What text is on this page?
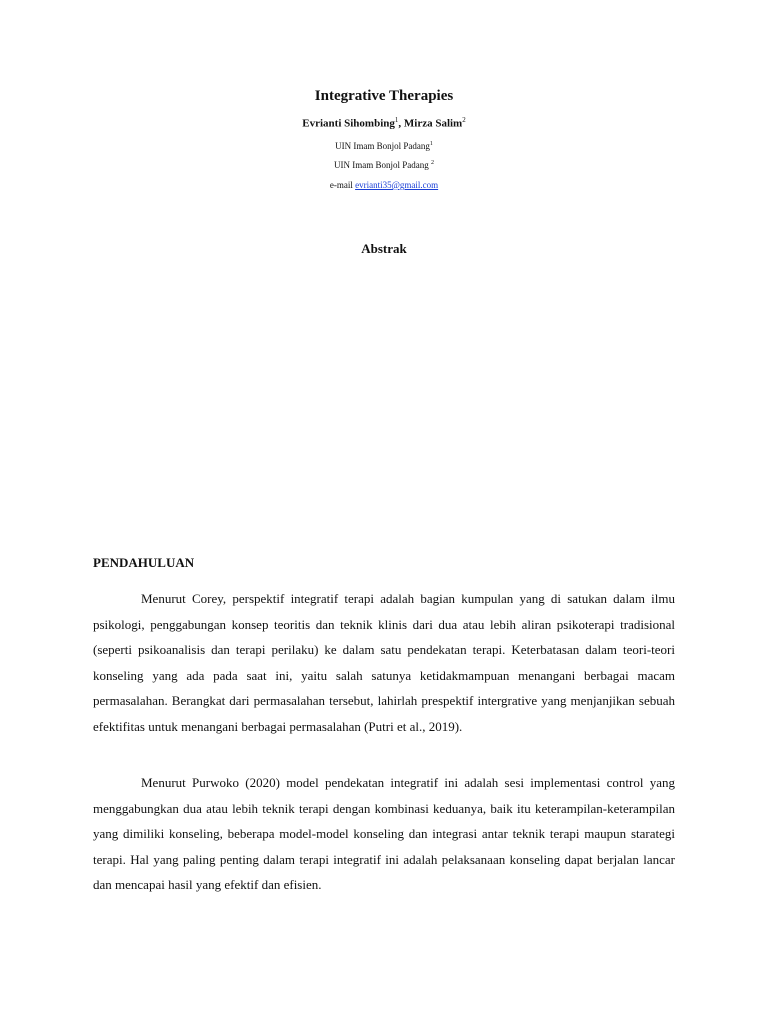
Integrative Therapies
Evrianti Sihombing$^1$, Mirza Salim$^2$
UIN Imam Bonjol Padang$^1$
UIN Imam Bonjol Padang $^2$
e-mail evrianti35@gmail.com
Abstrak
PENDAHULUAN

Menurut Corey, perspektif integratif terapi adalah bagian kumpulan yang di satukan dalam ilmu psikologi, penggabungan konsep teoritis dan teknik klinis dari dua atau lebih aliran psikoterapi tradisional (seperti psikoanalisis dan terapi perilaku) ke dalam satu pendekatan terapi. Keterbatasan dalam teori-teori konseling yang ada pada saat ini, yaitu salah satunya ketidakmampuan menangani berbagai macam permasalahan. Berangkat dari permasalahan tersebut, lahirlah prespektif intergrative yang menjanjikan sebuah efektifitas untuk menangani berbagai permasalahan (Putri et al., 2019).

Menurut Purwoko (2020) model pendekatan integratif ini adalah sesi implementasi control yang menggabungkan dua atau lebih teknik terapi dengan kombinasi keduanya, baik itu keterampilan-keterampilan yang dimiliki konseling, beberapa model-model konseling dan integrasi antar teknik terapi maupun starategi terapi. Hal yang paling penting dalam terapi integratif ini adalah pelaksanaan konseling dapat berjalan lancar dan mencapai hasil yang efektif dan efisien.
